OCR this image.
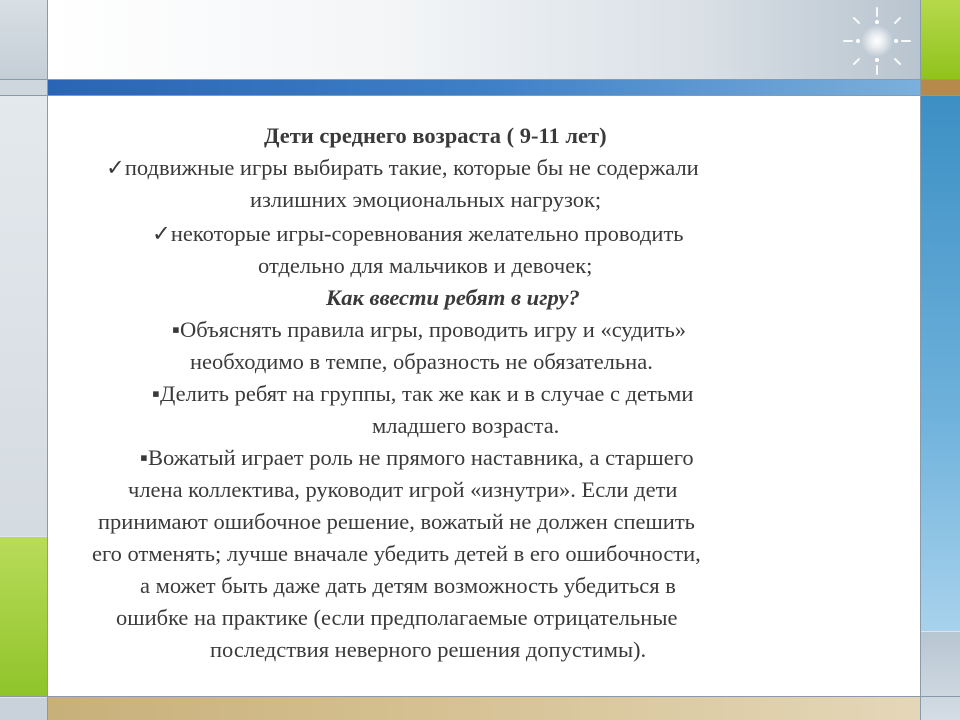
Дети среднего возраста ( 9-11 лет)
✓подвижные игры выбирать такие, которые бы не содержали
излишних эмоциональных нагрузок;
✓некоторые игры-соревнования желательно проводить
отдельно для мальчиков и девочек;
Как ввести ребят в игру?
▪Объяснять правила игры, проводить игру и «судить»
необходимо в темпе, образность не обязательна.
▪Делить ребят на группы, так же как и в случае с детьми
младшего возраста.
▪Вожатый играет роль не прямого наставника, а старшего
члена коллектива, руководит игрой «изнутри». Если дети
принимают ошибочное решение, вожатый не должен спешить
его отменять; лучше вначале убедить детей в его ошибочности,
а может быть даже дать детям возможность убедиться в
ошибке на практике (если предполагаемые отрицательные
последствия неверного решения допустимы).
